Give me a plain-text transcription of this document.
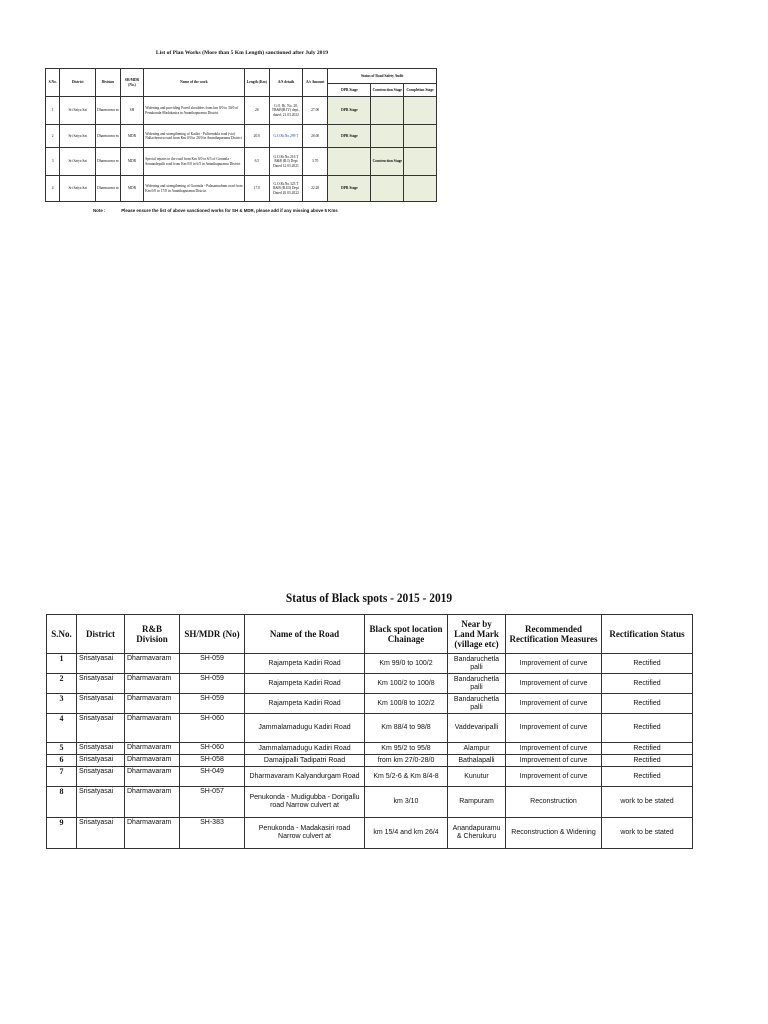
List of Plan Works (More than 5 Km Length) sanctioned after July 2019
S.No.	District	Division	SH/MDR (No.)	Name of the work	Length (Km)	A/S details	A/s Amount	Status of Road Safety Audit		
								DPR Stage	Construction Stage	Completion Stage
1	Sri Satya Sai	Dharmavara m	SH	Widening and providing Paved shoulders from km 0/0 to 30/0 of Penukonda-Madakasira in Ananthapuramu District	26	G.O. Rt. No. 20, TR&B(R.IV) dept., dated: 21.03.2022	27.00	DPR Stage		
2	Sri Satya Sai	Dharmavara m	MDR	Widening and strengthening of Kadiri - Pulivendula road (via) Nallacheruvu road from Km 0/0 to 20/0 in Ananthapuramu District	20.0	G.O.Rt.No.299 T	20.00	DPR Stage		
3	Sri Satya Sai	Dharmavara m	MDR	Special repairs to the road from Km 0/0 to 6/5 of Gorantla - Somandepalli road from Km 0/0 to 6/5 in Ananthapuramu District	6.5	G.O.Rt.No.216 T R&B (R.I) Dept Dated 12.03.2021	3.70		Construction Stage	
4	Sri Satya Sai	Dharmavara m	MDR	Widening and strengthening of Gorantla - Palasamudram road from Km 0/0 to 17/0 in Ananthapuramu District	17.0	G.O.Rt.No.323 T R&B (R.III) Dept Dated 20.03.2022	22.20	DPR Stage		
Note :	Please ensure the list of above sanctioned works for SH & MDR, please add if any missing above 5 Kms
Status of Black spots - 2015 - 2019
S.No.	District	R&B Division	SH/MDR (No)	Name of the Road	Black spot location Chainage	Near by Land Mark (village etc)	Recommended Rectification Measures	Rectification Status
1	Srisatyasai	Dharmavaram	SH-059	Rajampeta Kadiri Road	Km 99/0 to 100/2	Bandaruchetla palli	Improvement of curve	Rectified
2	Srisatyasai	Dharmavaram	SH-059	Rajampeta Kadiri Road	Km 100/2 to 100/8	Bandaruchetla palli	Improvement of curve	Rectified
3	Srisatyasai	Dharmavaram	SH-059	Rajampeta Kadiri Road	Km 100/8 to 102/2	Bandaruchetla palli	Improvement of curve	Rectified
4	Srisatyasai	Dharmavaram	SH-060	Jammalamadugu Kadiri Road	Km 88/4 to 98/8	Vaddevaripalli	Improvement of curve	Rectified
5	Srisatyasai	Dharmavaram	SH-060	Jammalamadugu Kadiri Road	Km 95/2 to 95/8	Alampur	Improvement of curve	Rectified
6	Srisatyasai	Dharmavaram	SH-058	Damajipalli Tadipatri Road	from km 27/0-28/0	Bathalapalli	Improvement of curve	Rectified
7	Srisatyasai	Dharmavaram	SH-049	Dharmavaram Kalyandurgam Road	Km 5/2-6 & Km 8/4-8	Kunutur	Improvement of curve	Rectified
8	Srisatyasai	Dharmavaram	SH-057	Penukonda - Mudigubba - Dorigallu road Narrow culvert at	km 3/10	Rampuram	Reconstruction	work to be stated
9	Srisatyasai	Dharmavaram	SH-383	Penukonda - Madakasiri road Narrow culvert at	km 15/4 and km 26/4	Anandapuramu & Cherukuru	Reconstruction & Widening	work to be stated
